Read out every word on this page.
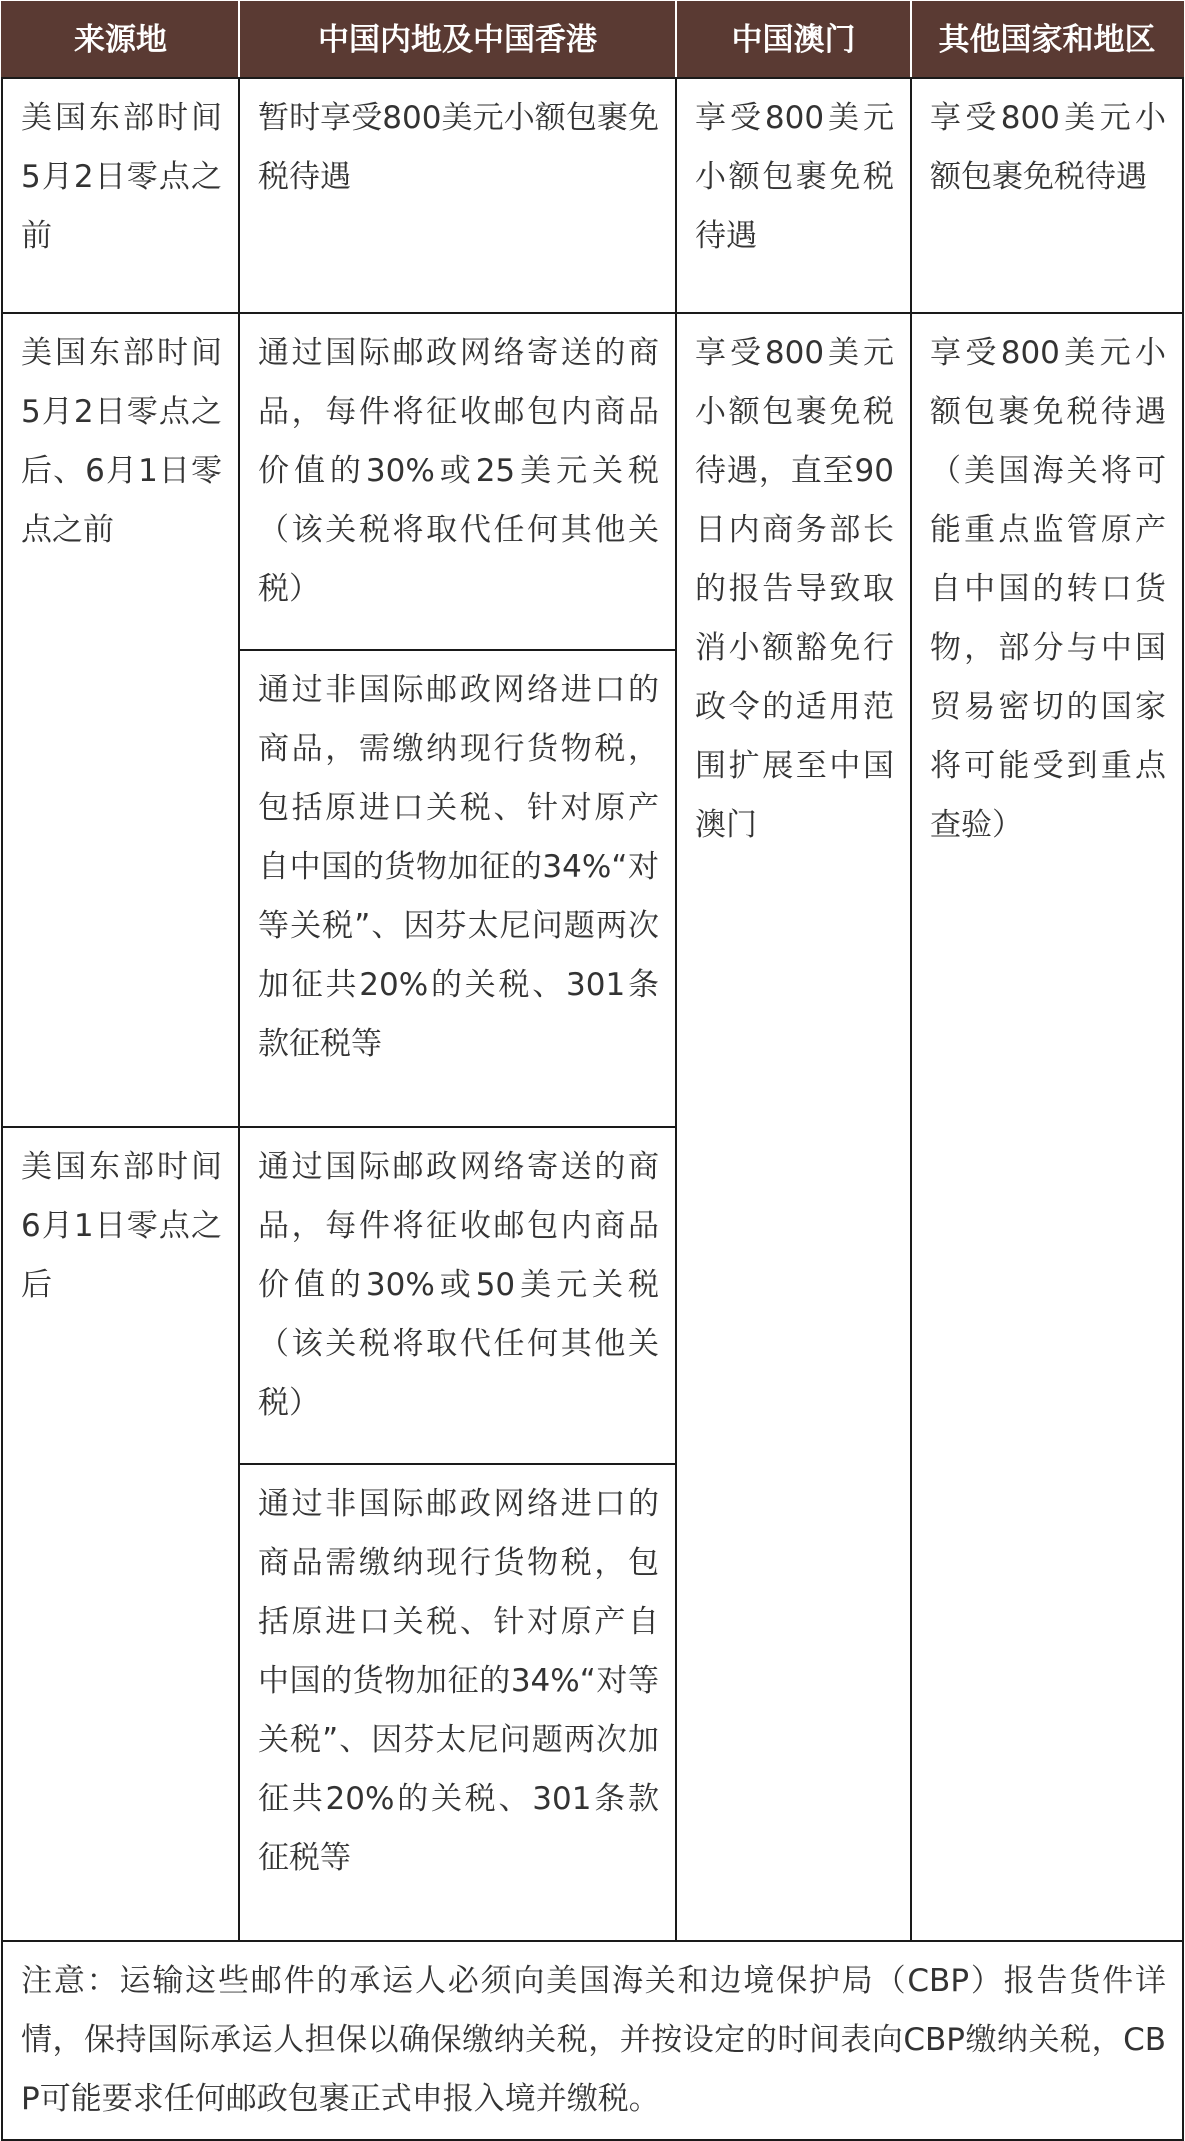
来源地	中国内地及中国香港	中国澳门	其他国家和地区
美国东部时间5月2日零点之前	暂时享受800美元小额包裹免税待遇	享受800美元小额包裹免税待遇	享受800美元小额包裹免税待遇
美国东部时间5月2日零点之后、6月1日零点之前	通过国际邮政网络寄送的商品，每件将征收邮包内商品价值的30%或25美元关税（该关税将取代任何其他关税）	享受800美元小额包裹免税待遇，直至90日内商务部长的报告导致取消小额豁免行政令的适用范围扩展至中国澳门	享受800美元小额包裹免税待遇（美国海关将可能重点监管原产自中国的转口货物，部分与中国贸易密切的国家将可能受到重点查验）
	通过非国际邮政网络进口的商品，需缴纳现行货物税，包括原进口关税、针对原产自中国的货物加征的34%“对等关税”、因芬太尼问题两次加征共20%的关税、301条款征税等		
美国东部时间6月1日零点之后	通过国际邮政网络寄送的商品，每件将征收邮包内商品价值的30%或50美元关税（该关税将取代任何其他关税）		
	通过非国际邮政网络进口的商品需缴纳现行货物税，包括原进口关税、针对原产自中国的货物加征的34%“对等关税”、因芬太尼问题两次加征共20%的关税、301条款征税等		
注意：运输这些邮件的承运人必须向美国海关和边境保护局（CBP）报告货件详情，保持国际承运人担保以确保缴纳关税，并按设定的时间表向CBP缴纳关税，CBP可能要求任何邮政包裹正式申报入境并缴税。			
